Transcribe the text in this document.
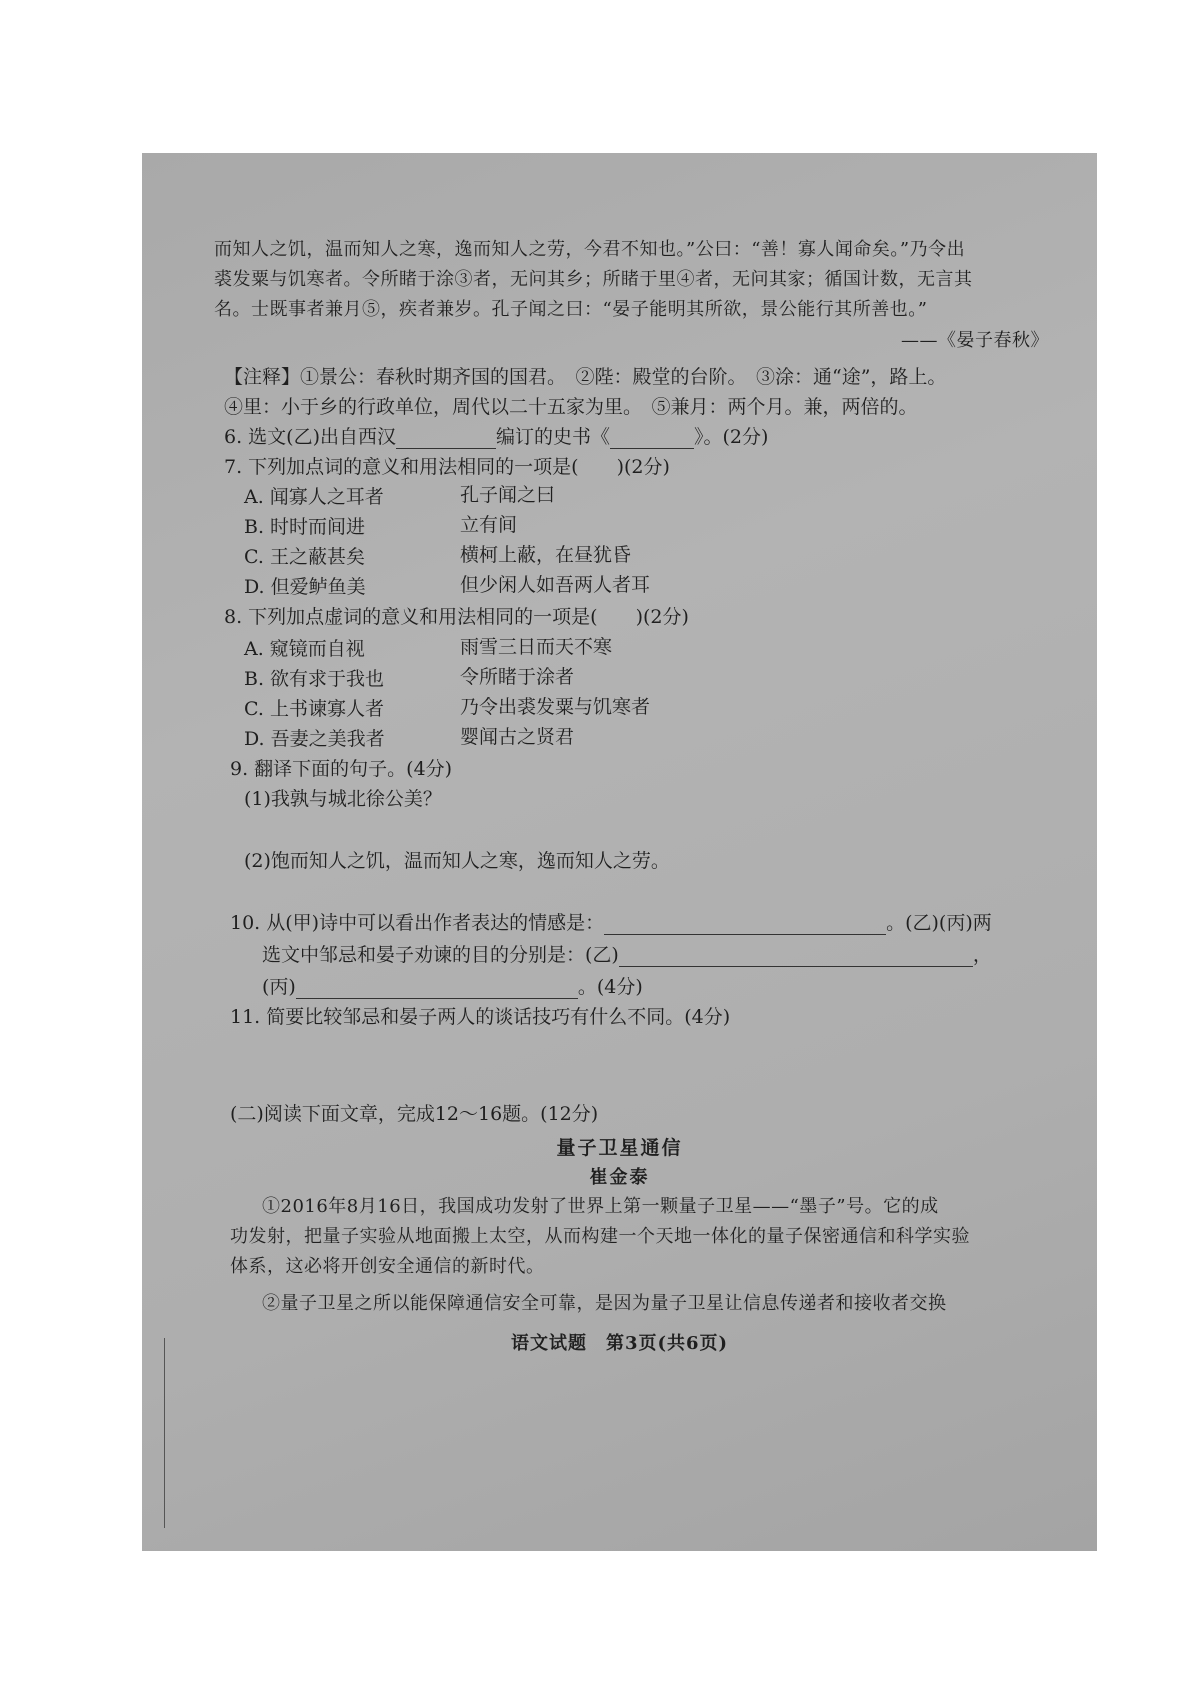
而知人之饥，温而知人之寒，逸而知人之劳，今君不知也。”公曰：“善！寡人闻命矣。”乃令出
裘发粟与饥寒者。令所睹于涂③者，无问其乡；所睹于里④者，无问其家；循国计数，无言其
名。士既事者兼月⑤，疾者兼岁。孔子闻之曰：“晏子能明其所欲，景公能行其所善也。”
——《晏子春秋》
【注释】①景公：春秋时期齐国的国君。　②陛：殿堂的台阶。　③涂：通“途”，路上。
④里：小于乡的行政单位，周代以二十五家为里。　⑤兼月：两个月。兼，两倍的。
6. 选文(乙)出自西汉	编订的史书《	》。(2分)
7. 下列加点词的意义和用法相同的一项是(　　)(2分)
A. 闻寡人之耳者	孔子闻之曰
B. 时时而间进	立有间
C. 王之蔽甚矣	横柯上蔽，在昼犹昏
D. 但爱鲈鱼美	但少闲人如吾两人者耳
8. 下列加点虚词的意义和用法相同的一项是(　　)(2分)
A. 窥镜而自视	雨雪三日而天不寒
B. 欲有求于我也	令所睹于涂者
C. 上书谏寡人者	乃令出裘发粟与饥寒者
D. 吾妻之美我者	婴闻古之贤君
9. 翻译下面的句子。(4分)
(1)我孰与城北徐公美？
(2)饱而知人之饥，温而知人之寒，逸而知人之劳。
10. 从(甲)诗中可以看出作者表达的情感是：	。(乙)(丙)两
选文中邹忌和晏子劝谏的目的分别是：(乙)	，
(丙)	。(4分)
11. 简要比较邹忌和晏子两人的谈话技巧有什么不同。(4分)
(二)阅读下面文章，完成12～16题。(12分)
量子卫星通信
崔金泰
①2016年8月16日，我国成功发射了世界上第一颗量子卫星——“墨子”号。它的成
功发射，把量子实验从地面搬上太空，从而构建一个天地一体化的量子保密通信和科学实验
体系，这必将开创安全通信的新时代。
②量子卫星之所以能保障通信安全可靠，是因为量子卫星让信息传递者和接收者交换
语文试题　第3页(共6页)
